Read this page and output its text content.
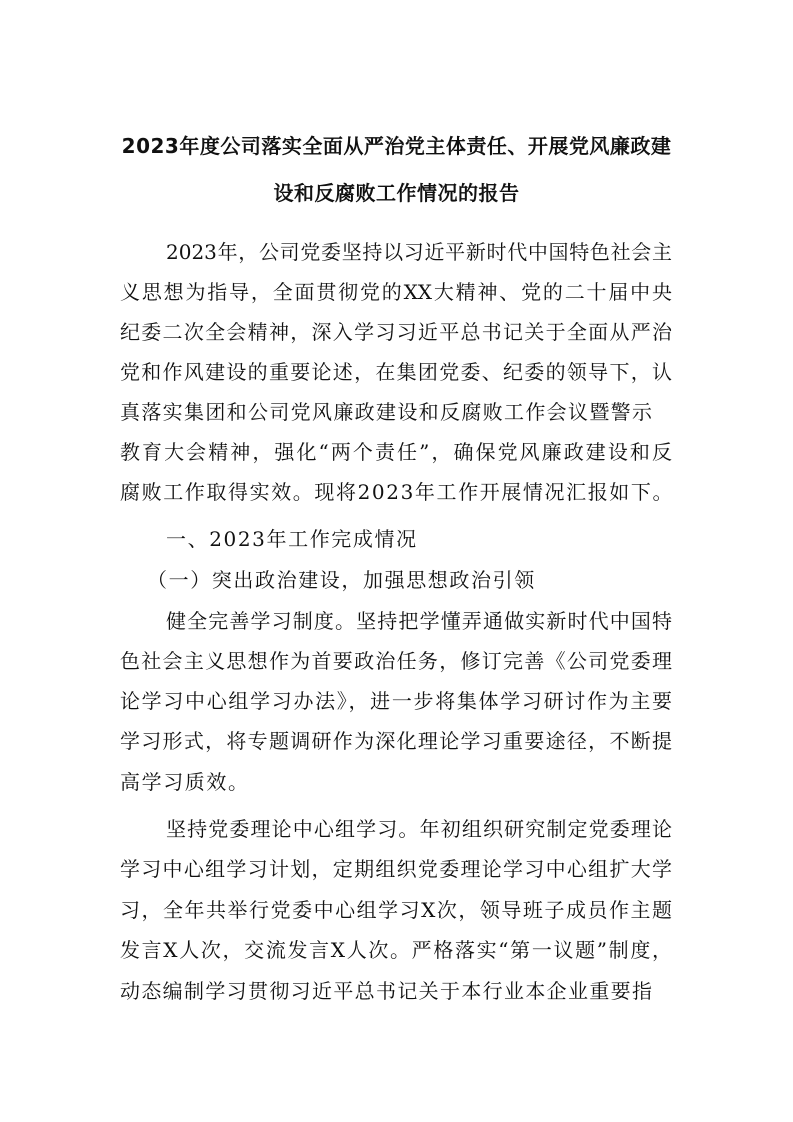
2023年度公司落实全面从严治党主体责任、开展党风廉政建
设和反腐败工作情况的报告
2023年，公司党委坚持以习近平新时代中国特色社会主
义思想为指导，全面贯彻党的XX大精神、党的二十届中央
纪委二次全会精神，深入学习习近平总书记关于全面从严治
党和作风建设的重要论述，在集团党委、纪委的领导下，认
真落实集团和公司党风廉政建设和反腐败工作会议暨警示
教育大会精神，强化“两个责任”，确保党风廉政建设和反
腐败工作取得实效。现将2023年工作开展情况汇报如下。
一、2023年工作完成情况
（一）突出政治建设，加强思想政治引领
健全完善学习制度。坚持把学懂弄通做实新时代中国特
色社会主义思想作为首要政治任务，修订完善《公司党委理
论学习中心组学习办法》，进一步将集体学习研讨作为主要
学习形式，将专题调研作为深化理论学习重要途径，不断提
高学习质效。
坚持党委理论中心组学习。年初组织研究制定党委理论
学习中心组学习计划，定期组织党委理论学习中心组扩大学
习，全年共举行党委中心组学习X次，领导班子成员作主题
发言X人次，交流发言X人次。严格落实“第一议题”制度，
动态编制学习贯彻习近平总书记关于本行业本企业重要指
